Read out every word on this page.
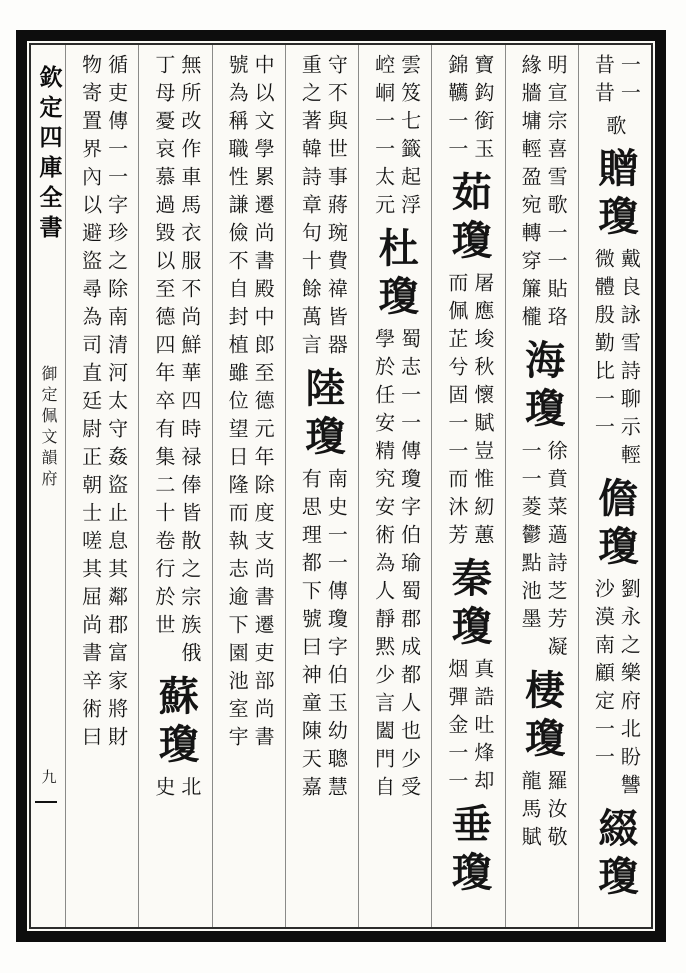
一一
昔昔
歌
贈瓊
戴良詠雪詩聊示輕
微體殷勤比一一
儋瓊
劉永之樂府北盼讐
沙漠南顧定一一
綴瓊
明宣宗喜雪歌一一貼珞
緣牆墉輕盈宛轉穿簾櫳
海瓊
徐賁菜薖詩芝芳凝
一一菱鬱點池墨
棲瓊
羅汝敬
龍馬賦
寶鈎銜玉
錦韉一一
茹瓊
屠應埈秋懷賦豈惟紉蕙
而佩芷兮固一一而沐芳
秦瓊
真誥吐烽却
烟彈金一一
垂瓊
雲笈七籤起浮
崆峒一一太元
杜瓊
蜀志一一傳瓊字伯瑜蜀郡成都人也少受
學於任安精究安術為人靜黙少言闔門自
守不與世事蔣琬費禕皆器
重之著韓詩章句十餘萬言
陸瓊
南史一一傳瓊字伯玉幼聰慧
有思理都下號曰神童陳天嘉
中以文學累遷尚書殿中郎至德元年除度支尚書遷吏部尚書
號為稱職性謙儉不自封植雖位望日隆而執志逾下園池室宇
無所改作車馬衣服不尚鮮華四時禄俸皆散之宗族俄
丁母憂哀慕過毀以至德四年卒有集二十卷行於世
蘇瓊
北
史
循吏傳一一字珍之除南清河太守姦盜止息其鄰郡富家將財
物寄置界內以避盜尋為司直廷尉正朝士嗟其屈尚書辛術曰
欽定四庫全書
御定佩文韻府
九
